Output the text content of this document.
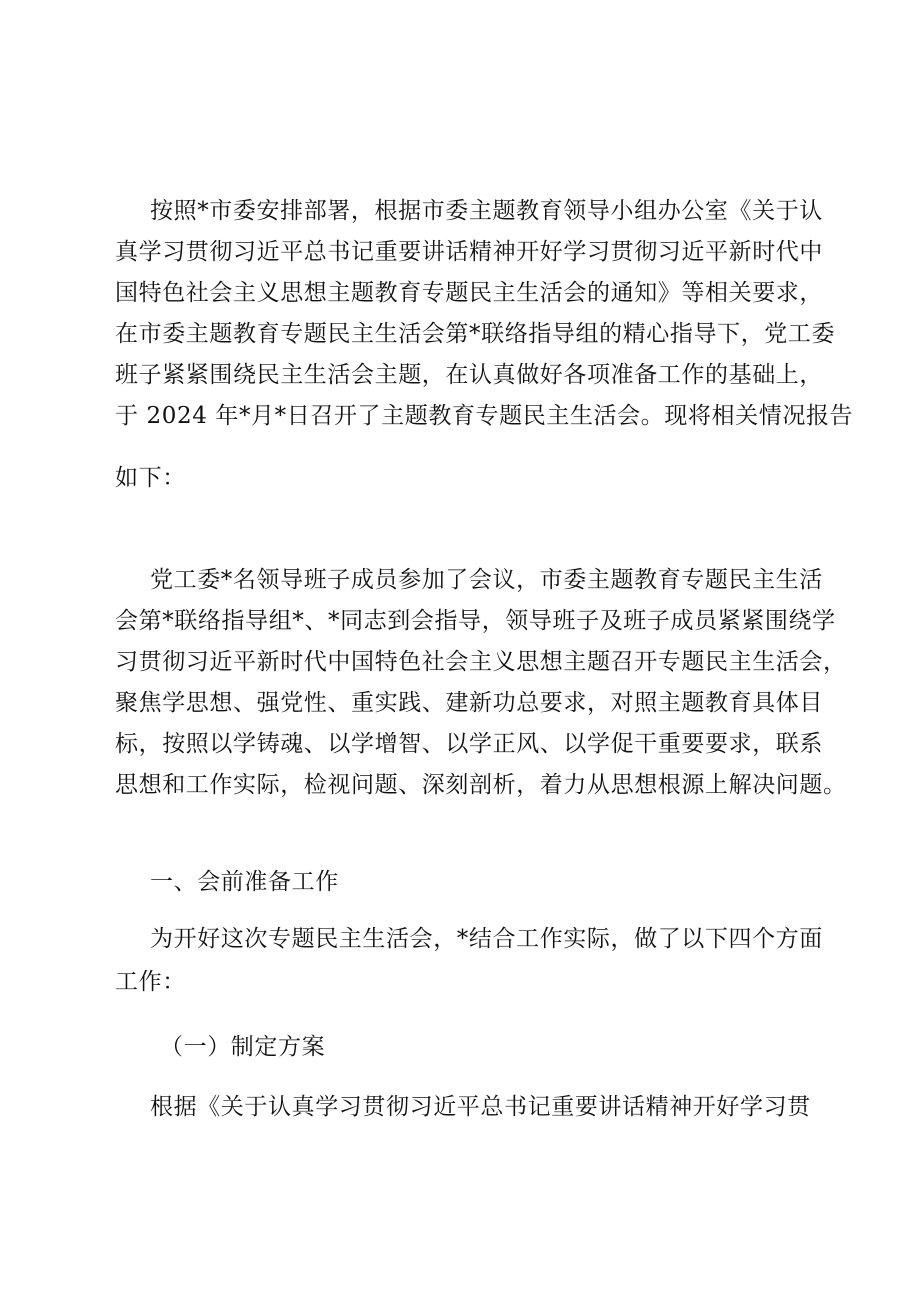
按照*市委安排部署，根据市委主题教育领导小组办公室《关于认
真学习贯彻习近平总书记重要讲话精神开好学习贯彻习近平新时代中
国特色社会主义思想主题教育专题民主生活会的通知》等相关要求，
在市委主题教育专题民主生活会第*联络指导组的精心指导下，党工委
班子紧紧围绕民主生活会主题，在认真做好各项准备工作的基础上，
于 2024 年*月*日召开了主题教育专题民主生活会。现将相关情况报告
如下：
党工委*名领导班子成员参加了会议，市委主题教育专题民主生活
会第*联络指导组*、*同志到会指导，领导班子及班子成员紧紧围绕学
习贯彻习近平新时代中国特色社会主义思想主题召开专题民主生活会，
聚焦学思想、强党性、重实践、建新功总要求，对照主题教育具体目
标，按照以学铸魂、以学增智、以学正风、以学促干重要要求，联系
思想和工作实际，检视问题、深刻剖析，着力从思想根源上解决问题。
一、会前准备工作
为开好这次专题民主生活会，*结合工作实际，做了以下四个方面
工作：
（一）制定方案
根据《关于认真学习贯彻习近平总书记重要讲话精神开好学习贯
